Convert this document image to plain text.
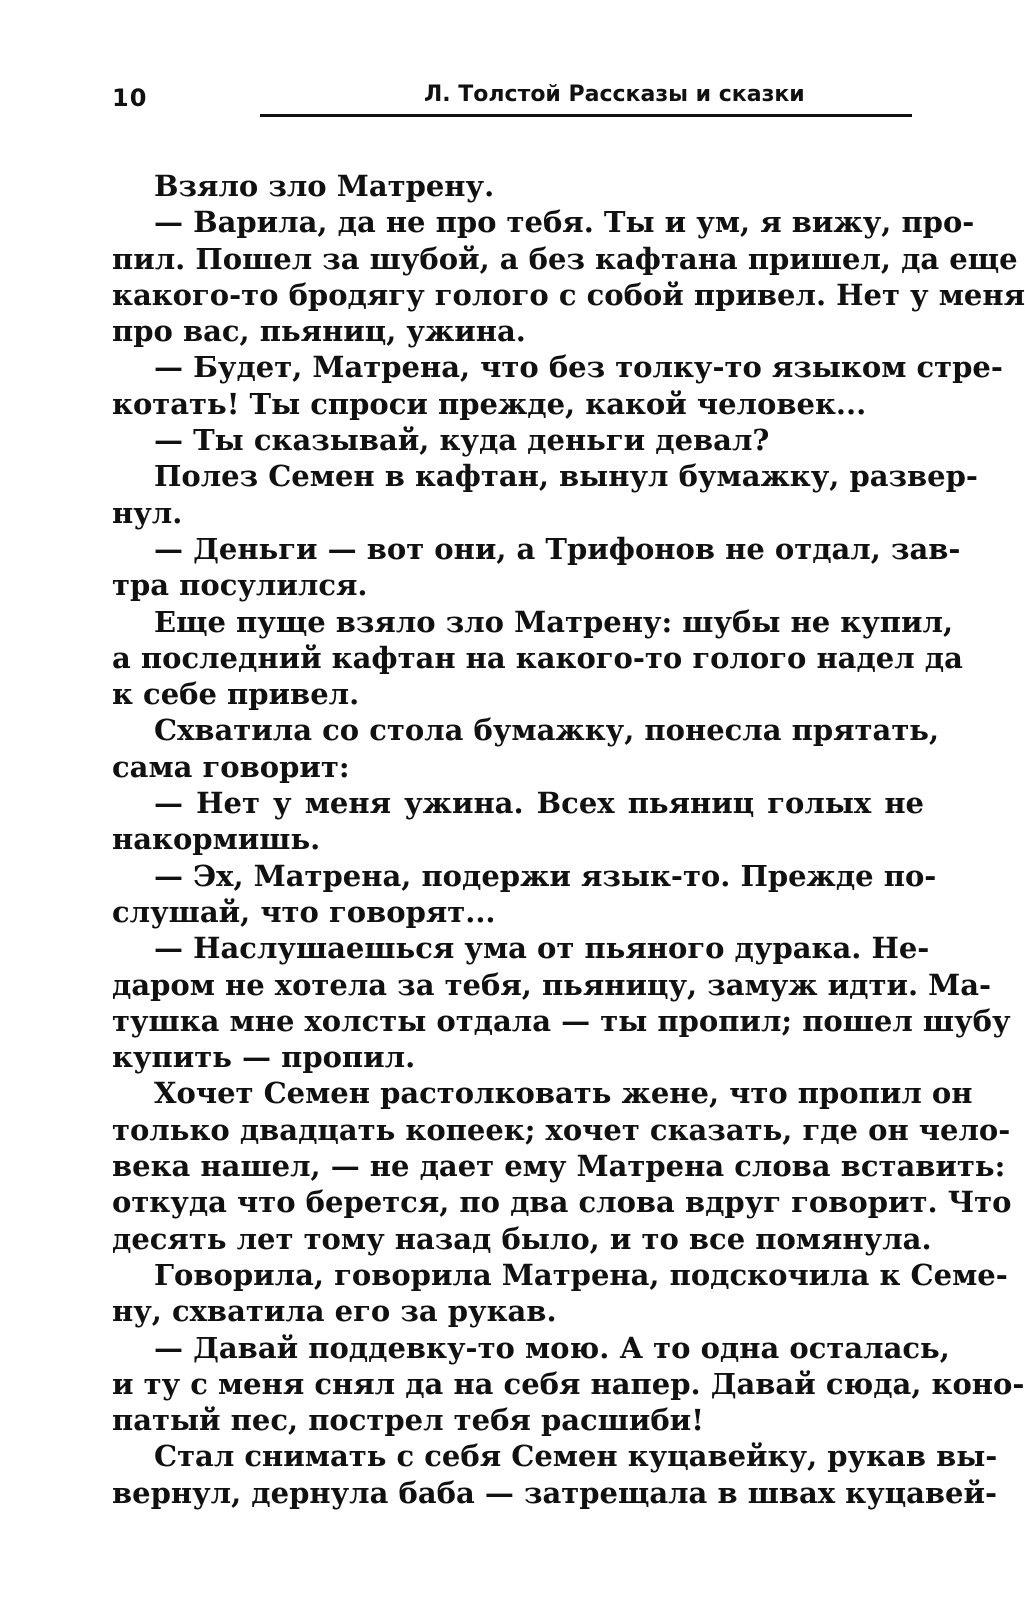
10	Л. Толстой Рассказы и сказки
Взяло зло Матрену.
— Варила, да не про тебя. Ты и ум, я вижу, про-
пил. Пошел за шубой, а без кафтана пришел, да еще
какого-то бродягу голого с собой привел. Нет у меня
про вас, пьяниц, ужина.
— Будет, Матрена, что без толку-то языком стре-
котать! Ты спроси прежде, какой человек...
— Ты сказывай, куда деньги девал?
Полез Семен в кафтан, вынул бумажку, развер-
нул.
— Деньги — вот они, а Трифонов не отдал, зав-
тра посулился.
Еще пуще взяло зло Матрену: шубы не купил,
а последний кафтан на какого-то голого надел да
к себе привел.
Схватила со стола бумажку, понесла прятать,
сама говорит:
— Нет у меня ужина. Всех пьяниц голых не
накормишь.
— Эх, Матрена, подержи язык-то. Прежде по-
слушай, что говорят...
— Наслушаешься ума от пьяного дурака. Не-
даром не хотела за тебя, пьяницу, замуж идти. Ма-
тушка мне холсты отдала — ты пропил; пошел шубу
купить — пропил.
Хочет Семен растолковать жене, что пропил он
только двадцать копеек; хочет сказать, где он чело-
века нашел, — не дает ему Матрена слова вставить:
откуда что берется, по два слова вдруг говорит. Что
десять лет тому назад было, и то все помянула.
Говорила, говорила Матрена, подскочила к Семе-
ну, схватила его за рукав.
— Давай поддевку-то мою. А то одна осталась,
и ту с меня снял да на себя напер. Давай сюда, коно-
патый пес, пострел тебя расшиби!
Стал снимать с себя Семен куцавейку, рукав вы-
вернул, дернула баба — затрещала в швах куцавей-
